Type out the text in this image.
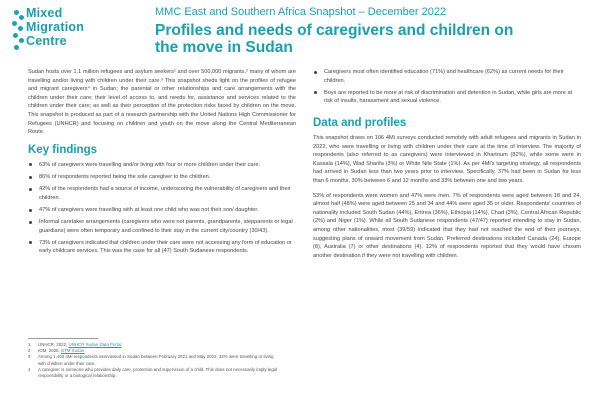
Mixed
Migration
Centre
MMC East and Southern Africa Snapshot – December 2022
Profiles and needs of caregivers and children on
the move in Sudan

Sudan hosts over 1.1 million refugees and asylum seekers¹ and over 500,000 migrants,² many of whom are travelling and/or living with children under their care.³ This snapshot sheds light on the profiles of refugee and migrant caregivers⁴ in Sudan; the parental or other relationships and care arrangements with the children under their care; their level of access to, and needs for, assistance and services related to the children under their care; as well as their perception of the protection risks faced by children on the move. This snapshot is produced as part of a research partnership with the United Nations High Commissioner for Refugees (UNHCR) and focusing on children and youth on the move along the Central Mediterranean Route.

Key findings
63% of caregivers were travelling and/or living with four or more children under their care.
86% of respondents reported being the sole caregiver to the children.
42% of the respondents had a source of income, underscoring the vulnerability of caregivers and their children.
47% of caregivers were travelling with at least one child who was not their son/ daughter.
Informal caretaker arrangements (caregivers who were not parents, grandparents, stepparents or legal guardians) were often temporary and confined to their stay in the current city/country (30/43).
73% of caregivers indicated that children under their care were not accessing any form of education or early childcare services. This was the case for all (47) South Sudanese respondents.
Caregivers most often identified education (71%) and healthcare (62%) as current needs for their children.
Boys are reported to be more at risk of discrimination and detention in Sudan, while girls are more at risk of insults, harassment and sexual violence.
Data and profiles

This snapshot draws on 106 4Mi surveys conducted remotely with adult refugees and migrants in Sudan in 2022, who were travelling or living with children under their care at the time of interview. The majority of respondents (also referred to as caregivers) were interviewed in Khartoum (82%), while some were in Kassala (14%), Wad Sharifa (3%) or White Nile State (1%). As per 4Mi's targeting strategy, all respondents had arrived in Sudan less than two years prior to interview. Specifically, 37% had been in Sudan for less than 6 months, 30% between 6 and 12 months and 33% between one and two years.

53% of respondents were women and 47% were men. 7% of respondents were aged between 18 and 24, almost half (48%) were aged between 25 and 34 and 44% were aged 35 or older. Respondents' countries of nationality included South Sudan (44%), Eritrea (36%), Ethiopia (14%), Chad (3%), Central African Republic (2%) and Niger (1%). While all South Sudanese respondents (47/47) reported intending to stay in Sudan, among other nationalities, most (39/59) indicated that they had not reached the end of their journeys, suggesting plans of onward movement from Sudan. Preferred destinations included Canada (24), Europe (8), Australia (7) or other destinations (4). 12% of respondents reported that they would have chosen another destination if they were not travelling with children.

1	UNHCR, 2022. UNHCR Sudan Data Portal
2	IOM, 2020. DTM Sudan
3	Among 1,493 4Mi respondents interviewed in Sudan between February 2021 and May 2022, 32% were travelling or living with children under their care.
4	A caregiver is someone who provides daily care, protection and supervision of a child. This does not necessarily imply legal responsibility or a biological relationship.
